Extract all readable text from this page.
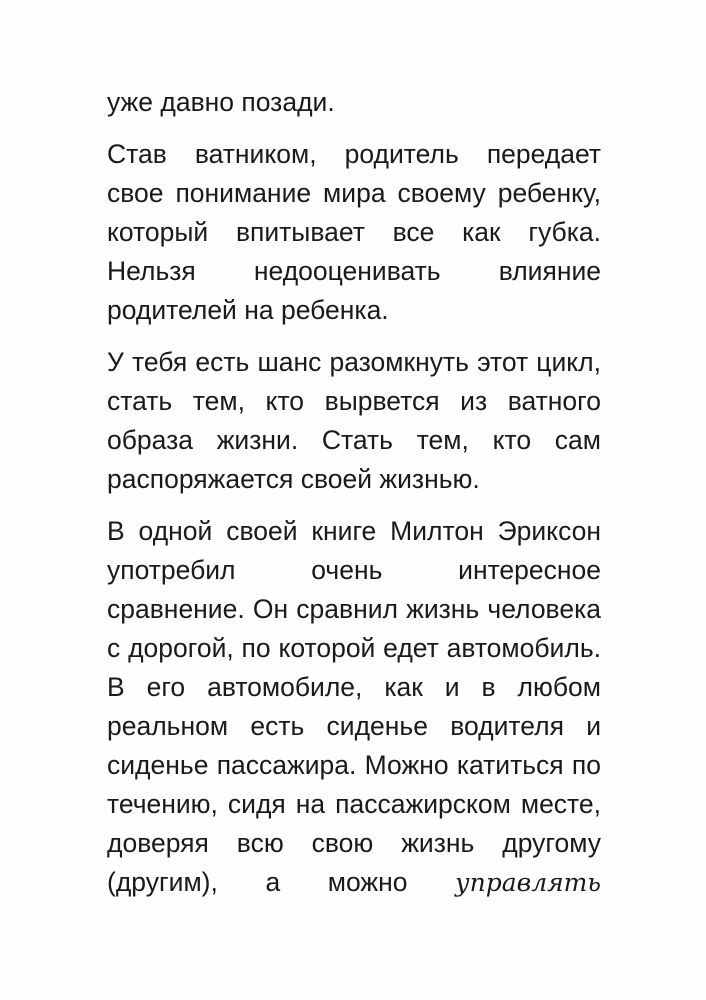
уже давно позади.

Став ватником, родитель передает свое понимание мира своему ребенку, который впитывает все как губка. Нельзя недооценивать влияние родителей на ребенка.

У тебя есть шанс разомкнуть этот цикл, стать тем, кто вырвется из ватного образа жизни. Стать тем, кто сам распоряжается своей жизнью.

В одной своей книге Милтон Эриксон употребил очень интересное сравнение. Он сравнил жизнь человека с дорогой, по которой едет автомобиль. В его автомобиле, как и в любом реальном есть сиденье водителя и сиденье пассажира. Можно катиться по течению, сидя на пассажирском месте, доверяя всю свою жизнь другому (другим), а можно управлять
